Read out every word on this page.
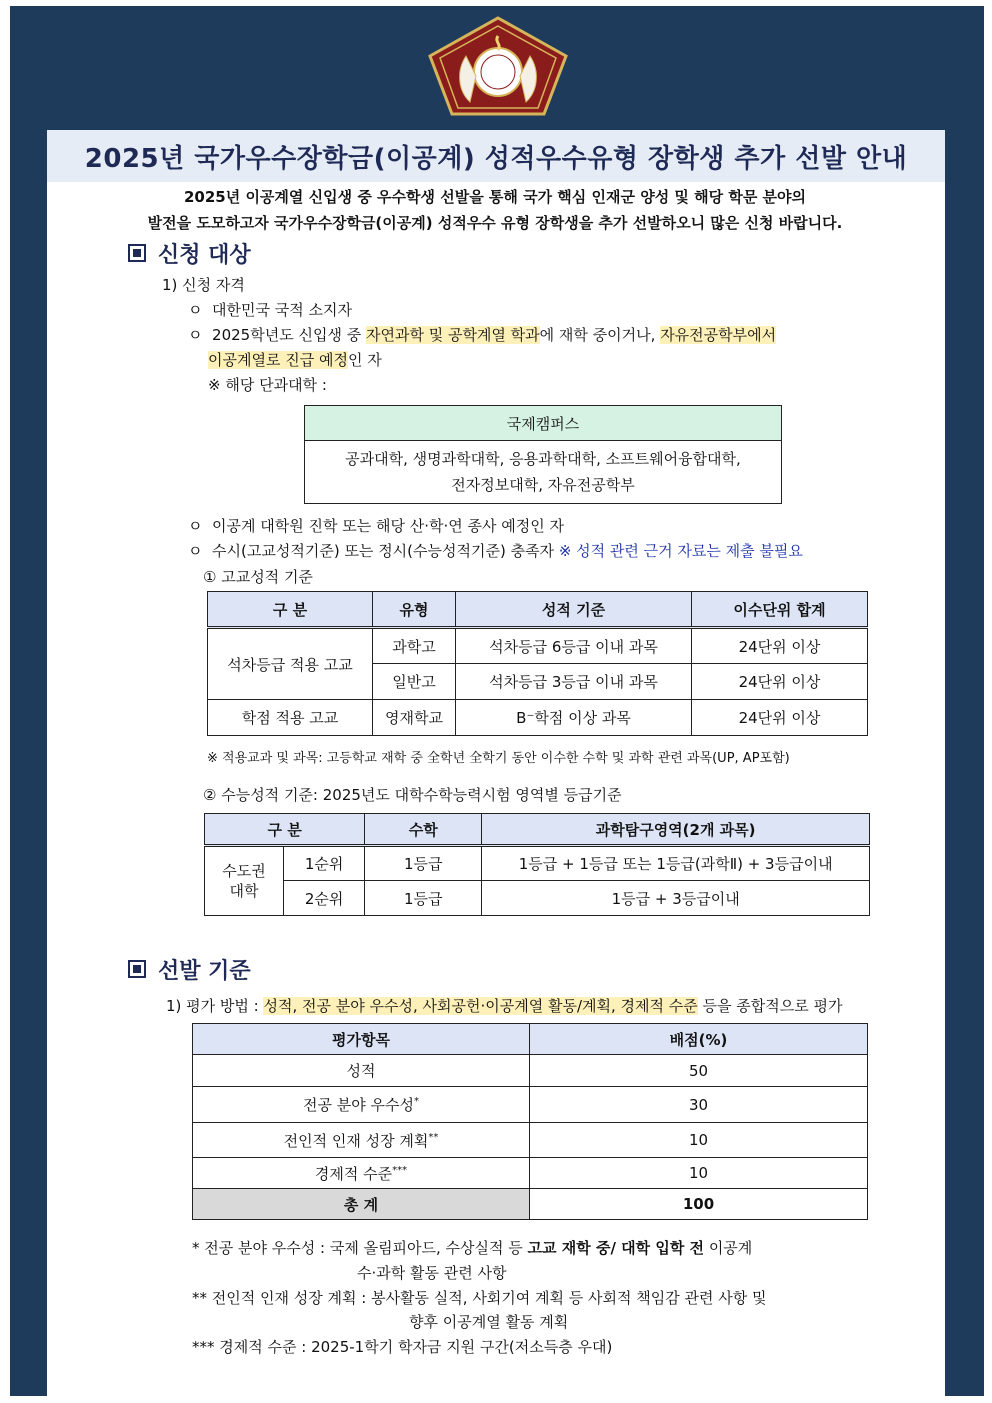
2025년 국가우수장학금(이공계) 성적우수유형 장학생 추가 선발 안내
2025년 이공계열 신입생 중 우수학생 선발을 통해 국가 핵심 인재군 양성 및 해당 학문 분야의
발전을 도모하고자 국가우수장학금(이공계) 성적우수 유형 장학생을 추가 선발하오니 많은 신청 바랍니다.
신청 대상
1) 신청 자격
ㅇ 대한민국 국적 소지자
ㅇ 2025학년도 신입생 중 자연과학 및 공학계열 학과에 재학 중이거나, 자유전공학부에서
이공계열로 진급 예정인 자
※ 해당 단과대학 :
국제캠퍼스

공과대학, 생명과학대학, 응용과학대학, 소프트웨어융합대학,
전자정보대학, 자유전공학부
ㅇ 이공계 대학원 진학 또는 해당 산·학·연 종사 예정인 자
ㅇ 수시(고교성적기준) 또는 정시(수능성적기준) 충족자 ※ 성적 관련 근거 자료는 제출 불필요
① 고교성적 기준
구 분	유형	성적 기준	이수단위 합계
석차등급 적용 고교	과학고	석차등급 6등급 이내 과목	24단위 이상
	일반고	석차등급 3등급 이내 과목	24단위 이상
학점 적용 고교	영재학교	B⁻학점 이상 과목	24단위 이상
※ 적용교과 및 과목: 고등학교 재학 중 全학년 全학기 동안 이수한 수학 및 과학 관련 과목(UP, AP포함)
② 수능성적 기준: 2025년도 대학수학능력시험 영역별 등급기준
구 분		수학	과학탐구영역(2개 과목)
수도권
대학	1순위	1등급	1등급 + 1등급 또는 1등급(과학Ⅱ) + 3등급이내
	2순위	1등급	1등급 + 3등급이내
선발 기준
1) 평가 방법 : 성적, 전공 분야 우수성, 사회공헌·이공계열 활동/계획, 경제적 수준 등을 종합적으로 평가
평가항목	배점(%)
성적	50
전공 분야 우수성*	30
전인적 인재 성장 계획**	10
경제적 수준***	10
총 계	100
* 전공 분야 우수성 : 국제 올림피아드, 수상실적 등 고교 재학 중/ 대학 입학 전 이공계
수·과학 활동 관련 사항
** 전인적 인재 성장 계획 : 봉사활동 실적, 사회기여 계획 등 사회적 책임감 관련 사항 및
향후 이공계열 활동 계획
*** 경제적 수준 : 2025-1학기 학자금 지원 구간(저소득층 우대)
